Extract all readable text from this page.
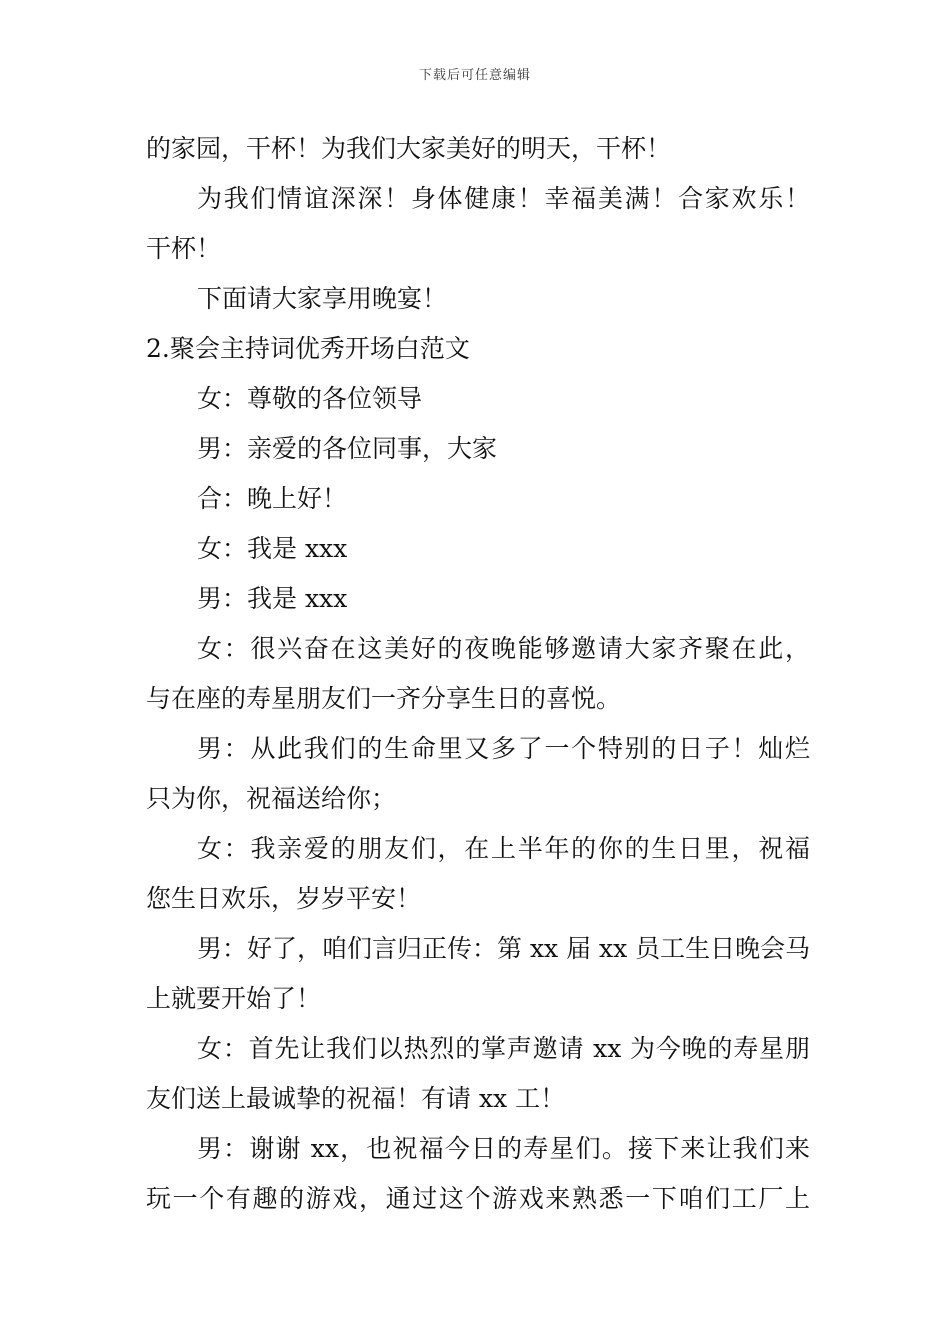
下载后可任意编辑
的家园，干杯！为我们大家美好的明天，干杯！
为我们情谊深深！身体健康！幸福美满！合家欢乐！
干杯！
下面请大家享用晚宴！
2.聚会主持词优秀开场白范文
女：尊敬的各位领导
男：亲爱的各位同事，大家
合：晚上好！
女：我是 xxx
男：我是 xxx
女：很兴奋在这美好的夜晚能够邀请大家齐聚在此，
与在座的寿星朋友们一齐分享生日的喜悦。
男：从此我们的生命里又多了一个特别的日子！灿烂
只为你，祝福送给你；
女：我亲爱的朋友们，在上半年的你的生日里，祝福
您生日欢乐，岁岁平安！
男：好了，咱们言归正传：第 xx 届 xx 员工生日晚会马
上就要开始了！
女：首先让我们以热烈的掌声邀请 xx 为今晚的寿星朋
友们送上最诚挚的祝福！有请 xx 工！
男：谢谢 xx，也祝福今日的寿星们。接下来让我们来
玩一个有趣的游戏，通过这个游戏来熟悉一下咱们工厂上
